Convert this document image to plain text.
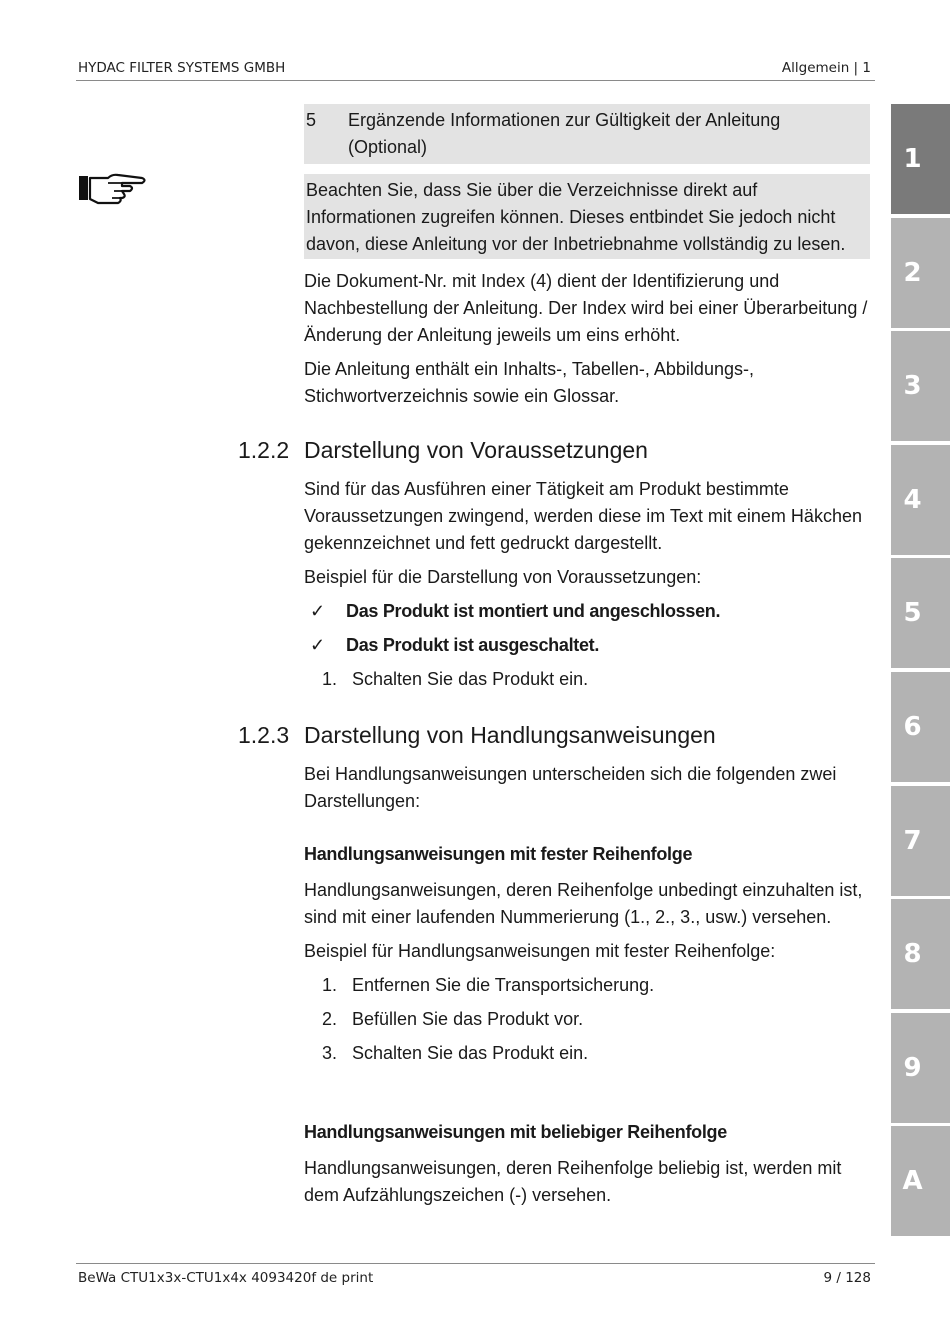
HYDAC FILTER SYSTEMS GMBH	Allgemein | 1
1
2
3
4
5
6
7
8
9
A
5	Ergänzende Informationen zur Gültigkeit der Anleitung (Optional)
Beachten Sie, dass Sie über die Verzeichnisse direkt auf Informationen zugreifen können. Dieses entbindet Sie jedoch nicht davon, diese Anleitung vor der Inbetriebnahme vollständig zu lesen.

Die Dokument-Nr. mit Index (4) dient der Identifizierung und Nachbestellung der Anleitung. Der Index wird bei einer Überarbeitung / Änderung der Anleitung jeweils um eins erhöht.

Die Anleitung enthält ein Inhalts-, Tabellen-, Abbildungs-, Stichwortverzeichnis sowie ein Glossar.

1.2.2 Darstellung von Voraussetzungen

Sind für das Ausführen einer Tätigkeit am Produkt bestimmte Voraussetzungen zwingend, werden diese im Text mit einem Häkchen gekennzeichnet und fett gedruckt dargestellt.

Beispiel für die Darstellung von Voraussetzungen:

✓	Das Produkt ist montiert und angeschlossen.
✓	Das Produkt ist ausgeschaltet.
1. Schalten Sie das Produkt ein.
1.2.3 Darstellung von Handlungsanweisungen

Bei Handlungsanweisungen unterscheiden sich die folgenden zwei Darstellungen:

Handlungsanweisungen mit fester Reihenfolge

Handlungsanweisungen, deren Reihenfolge unbedingt einzuhalten ist, sind mit einer laufenden Nummerierung (1., 2., 3., usw.) versehen.

Beispiel für Handlungsanweisungen mit fester Reihenfolge:

1. Entfernen Sie die Transportsicherung.
2. Befüllen Sie das Produkt vor.
3. Schalten Sie das Produkt ein.
Handlungsanweisungen mit beliebiger Reihenfolge

Handlungsanweisungen, deren Reihenfolge beliebig ist, werden mit dem Aufzählungszeichen (-) versehen.

BeWa CTU1x3x-CTU1x4x 4093420f de print	9 / 128
